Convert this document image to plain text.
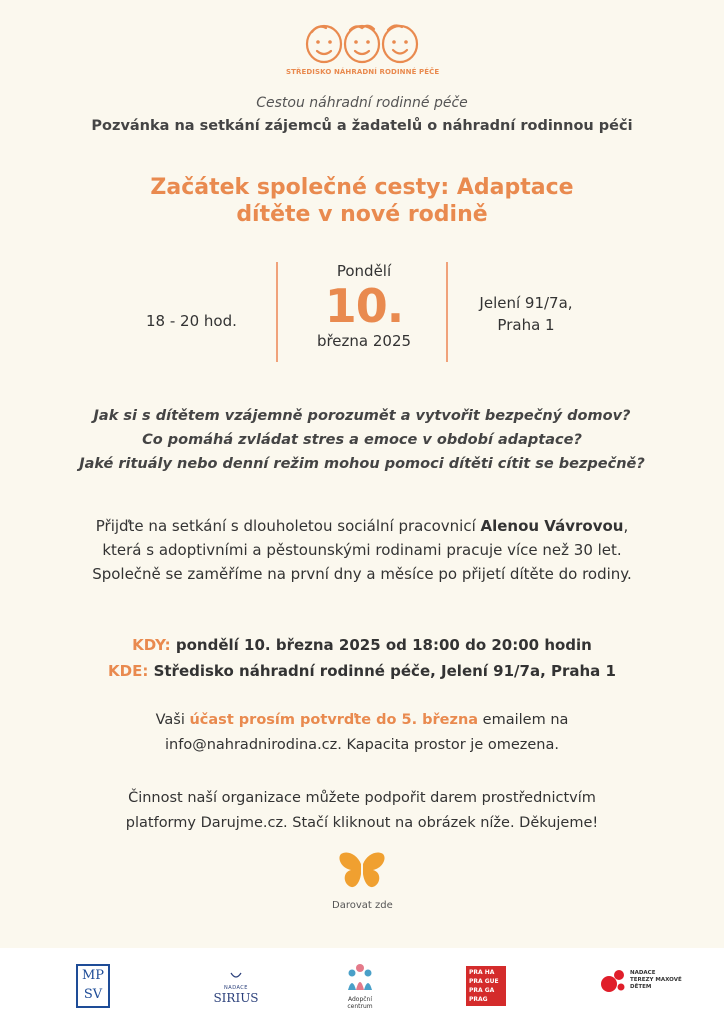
STŘEDISKO NÁHRADNÍ RODINNÉ PÉČE
Cestou náhradní rodinné péče
Pozvánka na setkání zájemců a žadatelů o náhradní rodinnou péči
Začátek společné cesty: Adaptace
dítěte v nové rodině
18 - 20 hod.
Pondělí
10.
března 2025
Jelení 91/7a,
Praha 1
Jak si s dítětem vzájemně porozumět a vytvořit bezpečný domov?
Co pomáhá zvládat stres a emoce v období adaptace?
Jaké rituály nebo denní režim mohou pomoci dítěti cítit se bezpečně?
Přijďte na setkání s dlouholetou sociální pracovnicí Alenou Vávrovou,
která s adoptivními a pěstounskými rodinami pracuje více než 30 let.
Společně se zaměříme na první dny a měsíce po přijetí dítěte do rodiny.
KDY: pondělí 10. března 2025 od 18:00 do 20:00 hodin
KDE: Středisko náhradní rodinné péče, Jelení 91/7a, Praha 1
Vaši účast prosím potvrďte do 5. března emailem na
info@nahradnirodina.cz. Kapacita prostor je omezena.
Činnost naší organizace můžete podpořit darem prostřednictvím
platformy Darujme.cz. Stačí kliknout na obrázek níže. Děkujeme!
Darovat zde
MP
SV	NADACE
SIRIUS	Adopční
centrum
PRA HA
PRA GUE
PRA GA
PRAG
NADACE
TEREZY MAXOVÉ
DĚTEM
